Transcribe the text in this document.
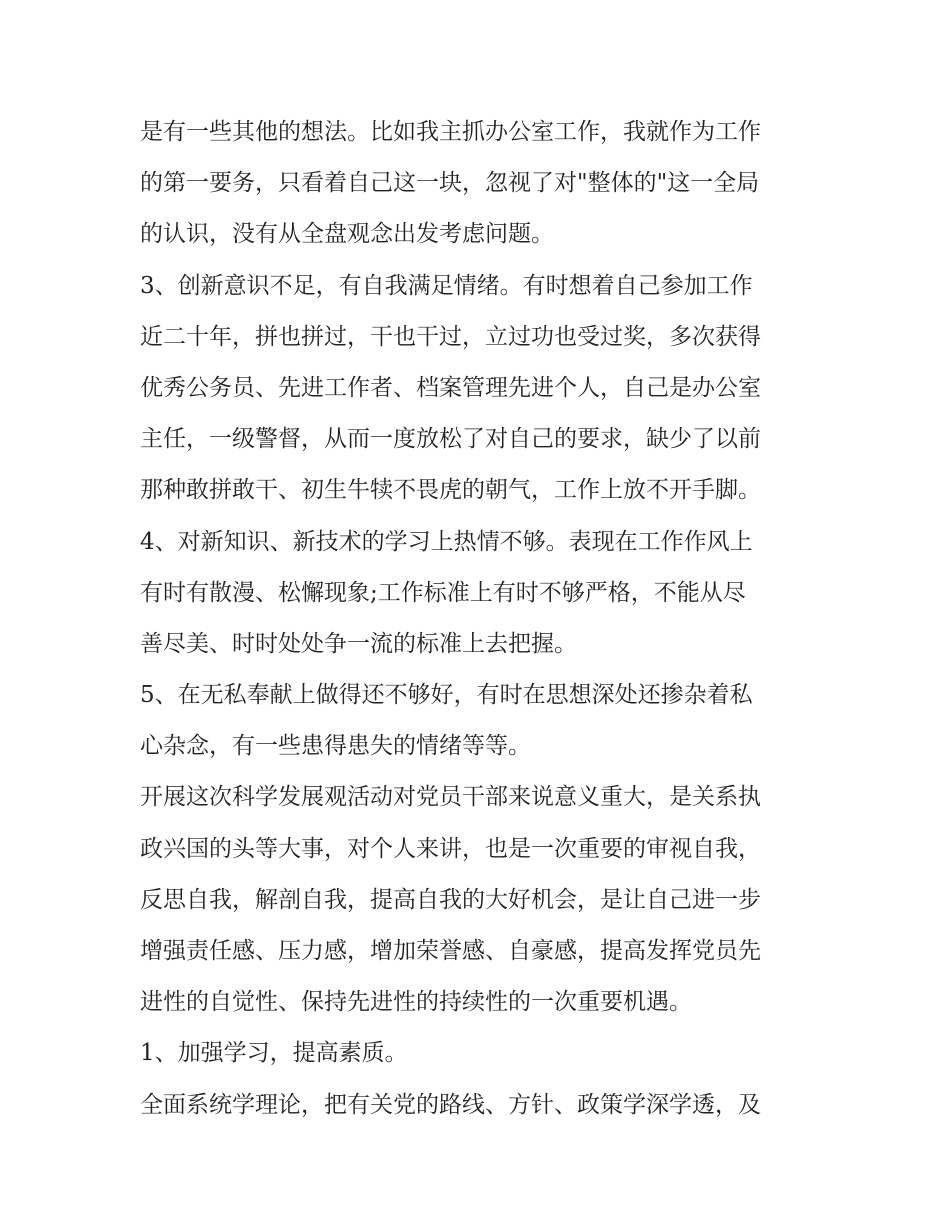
是有一些其他的想法。比如我主抓办公室工作，我就作为工作
的第一要务，只看着自己这一块，忽视了对"整体的"这一全局
的认识，没有从全盘观念出发考虑问题。
3、创新意识不足，有自我满足情绪。有时想着自己参加工作
近二十年，拼也拼过，干也干过，立过功也受过奖，多次获得
优秀公务员、先进工作者、档案管理先进个人，自己是办公室
主任，一级警督，从而一度放松了对自己的要求，缺少了以前
那种敢拼敢干、初生牛犊不畏虎的朝气，工作上放不开手脚。
4、对新知识、新技术的学习上热情不够。表现在工作作风上
有时有散漫、松懈现象;工作标准上有时不够严格，不能从尽
善尽美、时时处处争一流的标准上去把握。
5、在无私奉献上做得还不够好，有时在思想深处还掺杂着私
心杂念，有一些患得患失的情绪等等。
开展这次科学发展观活动对党员干部来说意义重大，是关系执
政兴国的头等大事，对个人来讲，也是一次重要的审视自我，
反思自我，解剖自我，提高自我的大好机会，是让自己进一步
增强责任感、压力感，增加荣誉感、自豪感，提高发挥党员先
进性的自觉性、保持先进性的持续性的一次重要机遇。
1、加强学习，提高素质。
全面系统学理论，把有关党的路线、方针、政策学深学透，及
